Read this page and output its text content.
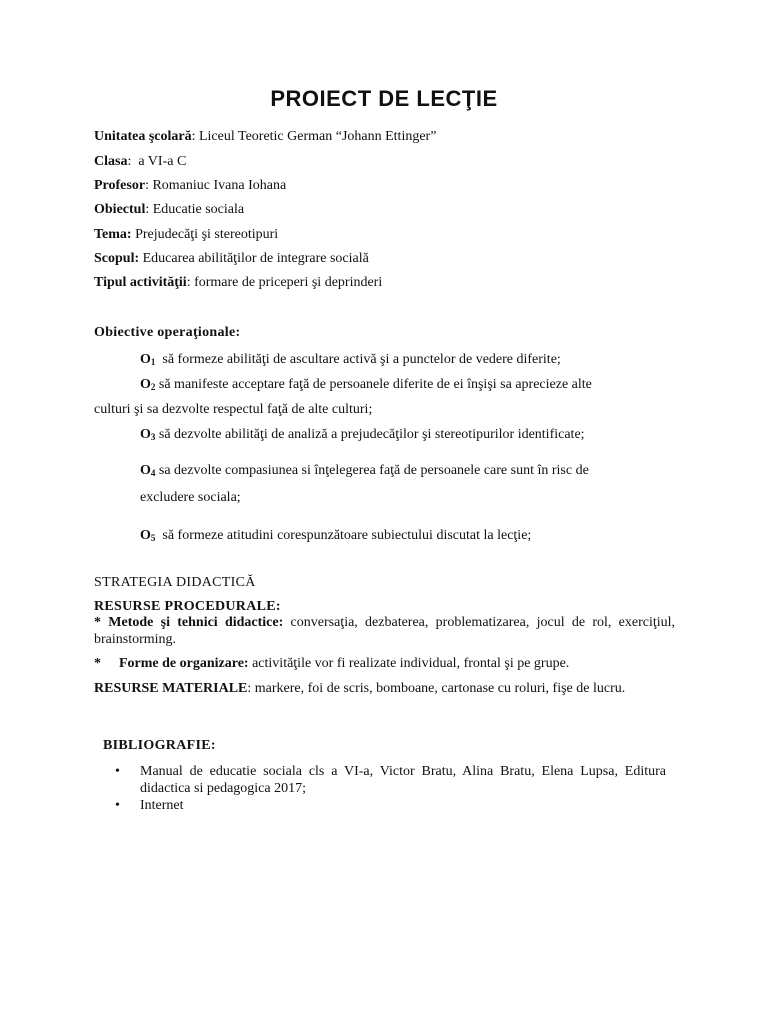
PROIECT DE LECŢIE
Unitatea şcolară: Liceul Teoretic German “Johann Ettinger”
Clasa:  a VI-a C
Profesor: Romaniuc Ivana Iohana
Obiectul: Educatie sociala
Tema: Prejudecăţi şi stereotipuri
Scopul: Educarea abilităţilor de integrare socială
Tipul activităţii: formare de priceperi şi deprinderi
Obiective operaţionale:
$O_1$  să formeze abilităţi de ascultare activă şi a punctelor de vedere diferite;
$O_2$ să manifeste acceptare faţă de persoanele diferite de ei înşişi sa aprecieze alte
culturi şi sa dezvolte respectul faţă de alte culturi;
$O_3$ să dezvolte abilităţi de analiză a prejudecăţilor şi stereotipurilor identificate;
$O_4$ sa dezvolte compasiunea si înţelegerea faţă de persoanele care sunt în risc de
excludere sociala;
$O_5$  să formeze atitudini corespunzătoare subiectului discutat la lecţie;
STRATEGIA DIDACTICĂ
RESURSE PROCEDURALE:
* Metode şi tehnici didactice: conversaţia, dezbaterea, problematizarea, jocul de rol, exerciţiul, brainstorming.
* Forme de organizare: activităţile vor fi realizate individual, frontal şi pe grupe.
RESURSE MATERIALE: markere, foi de scris, bomboane, cartonase cu roluri, fişe de lucru.
BIBLIOGRAFIE:
• Manual de educatie sociala cls a VI-a, Victor Bratu, Alina Bratu, Elena Lupsa, Editura didactica si pedagogica 2017;
• Internet
